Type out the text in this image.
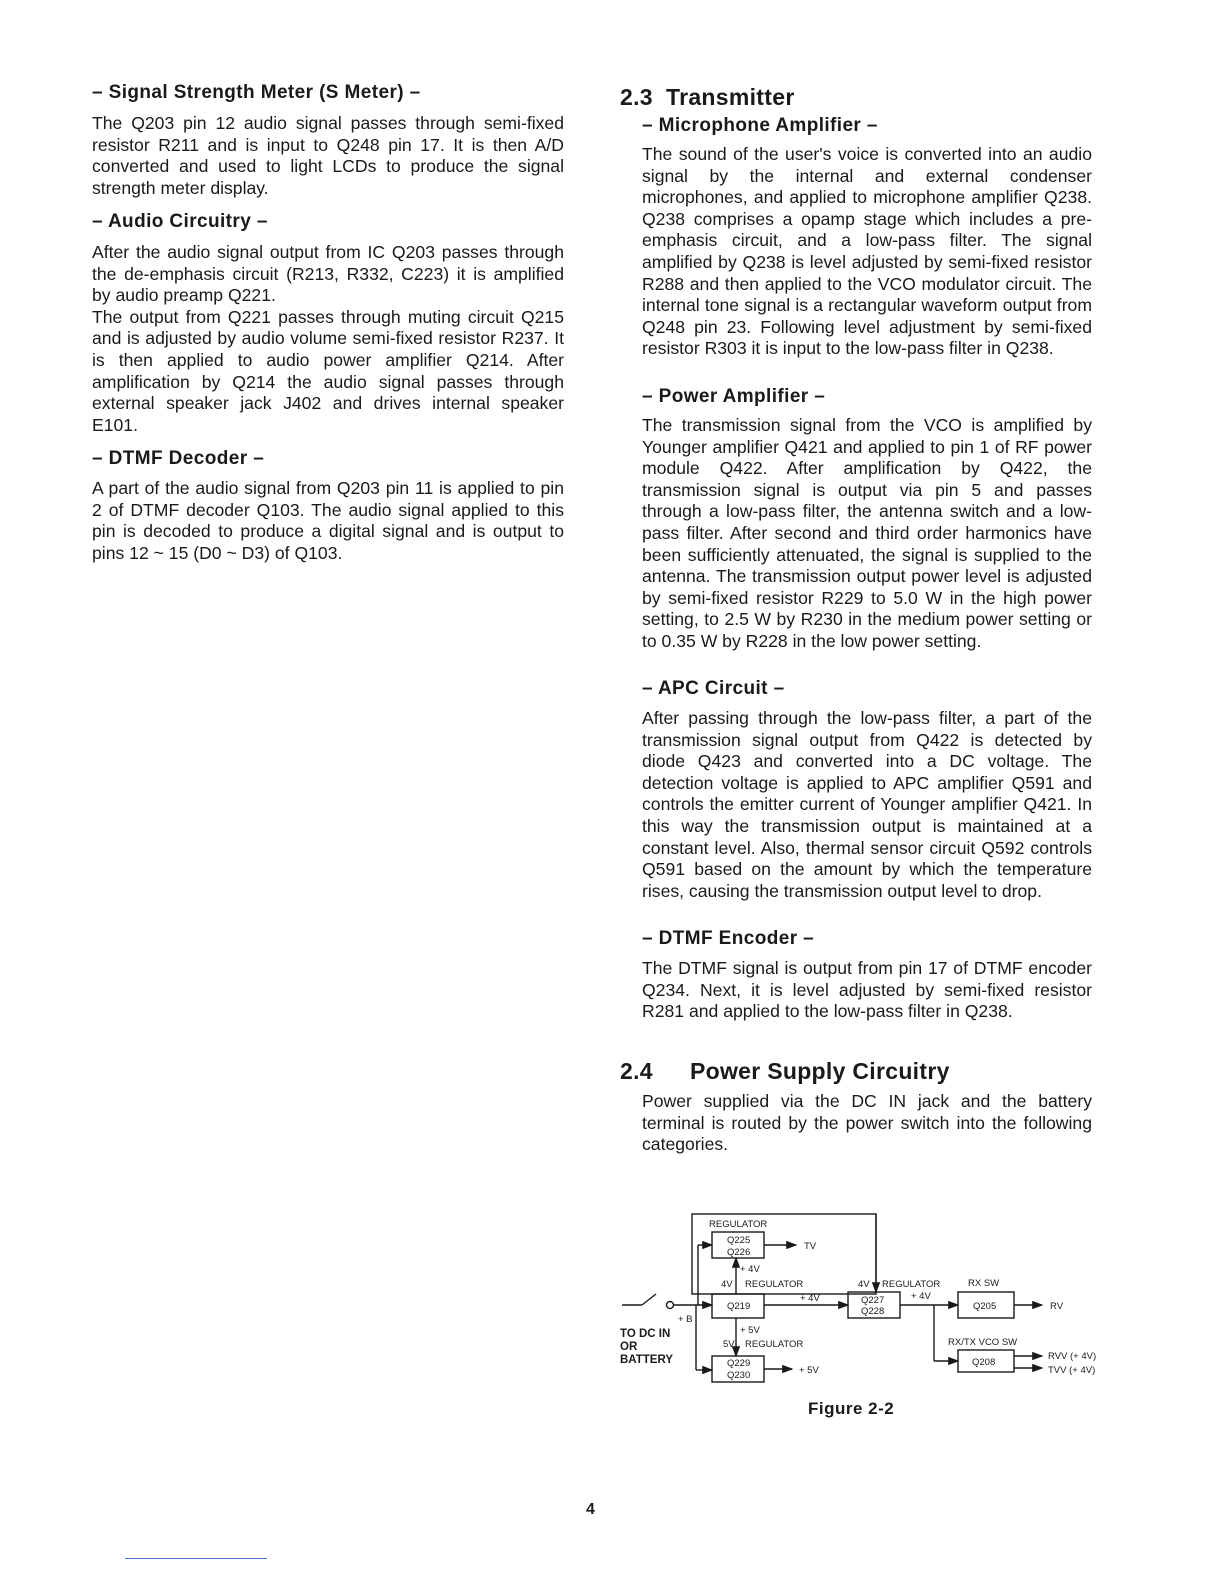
– Signal Strength Meter (S Meter) –

The Q203 pin 12 audio signal passes through semi-fixed resistor R211 and is input to Q248 pin 17. It is then A/D converted and used to light LCDs to produce the signal strength meter display.

– Audio Circuitry –

After the audio signal output from IC Q203 passes through the de-emphasis circuit (R213, R332, C223) it is amplified by audio preamp Q221.

The output from Q221 passes through muting circuit Q215 and is adjusted by audio volume semi-fixed resistor R237. It is then applied to audio power amplifier Q214. After amplification by Q214 the audio signal passes through external speaker jack J402 and drives internal speaker E101.

– DTMF Decoder –

A part of the audio signal from Q203 pin 11 is applied to pin 2 of DTMF decoder Q103. The audio signal applied to this pin is decoded to produce a digital signal and is output to pins 12 ~ 15 (D0 ~ D3) of Q103.

2.3 Transmitter

– Microphone Amplifier –

The sound of the user's voice is converted into an audio signal by the internal and external condenser microphones, and applied to microphone amplifier Q238. Q238 comprises a opamp stage which includes a pre-emphasis circuit, and a low-pass filter. The signal amplified by Q238 is level adjusted by semi-fixed resistor R288 and then applied to the VCO modulator circuit. The internal tone signal is a rectangular waveform output from Q248 pin 23. Following level adjustment by semi-fixed resistor R303 it is input to the low-pass filter in Q238.

– Power Amplifier –

The transmission signal from the VCO is amplified by Younger amplifier Q421 and applied to pin 1 of RF power module Q422. After amplification by Q422, the transmission signal is output via pin 5 and passes through a low-pass filter, the antenna switch and a low-pass filter. After second and third order harmonics have been sufficiently attenuated, the signal is supplied to the antenna. The transmission output power level is adjusted by semi-fixed resistor R229 to 5.0 W in the high power setting, to 2.5 W by R230 in the medium power setting or to 0.35 W by R228 in the low power setting.

– APC Circuit –

After passing through the low-pass filter, a part of the transmission signal output from Q422 is detected by diode Q423 and converted into a DC voltage. The detection voltage is applied to APC amplifier Q591 and controls the emitter current of Younger amplifier Q421. In this way the transmission output is maintained at a constant level. Also, thermal sensor circuit Q592 controls Q591 based on the amount by which the temperature rises, causing the transmission output level to drop.

– DTMF Encoder –

The DTMF signal is output from pin 17 of DTMF encoder Q234. Next, it is level adjusted by semi-fixed resistor R281 and applied to the low-pass filter in Q238.

2.4 Power Supply Circuitry

Power supplied via the DC IN jack and the battery terminal is routed by the power switch into the following categories.

REGULATOR
Q225
Q226
TV
+ 4V
4V REGULATOR
+ 4V
Q219
4V REGULATOR
+ 4V
Q227
Q228
RX SW
Q205	RV
+ B
+ 5V
5V REGULATOR
Q229
Q230	+ 5V
RX/TX VCO SW
Q208
RVV (+ 4V)
TVV (+ 4V)
TO DC IN
OR
BATTERY
Figure 2-2
4
